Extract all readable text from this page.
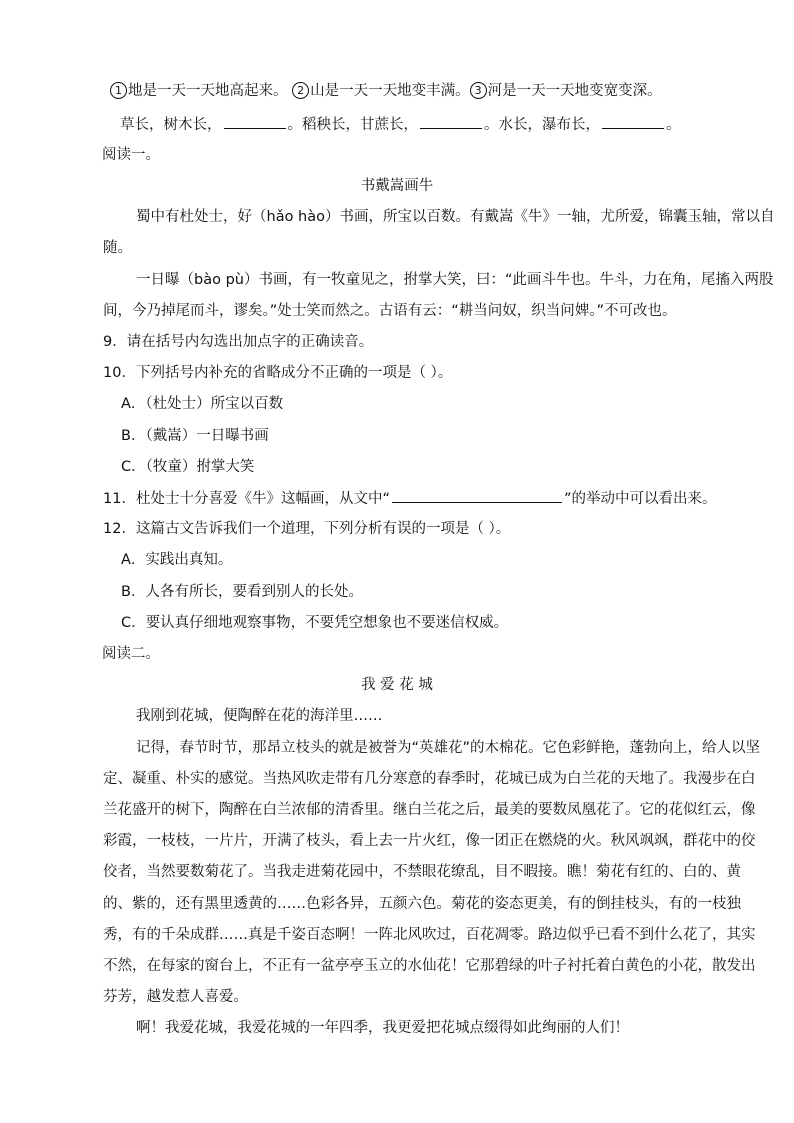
1 地是一天一天地高起来。 2 山是一天一天地变丰满。 3 河是一天一天地变宽变深。
草长，树木长，	。稻秧长，甘蔗长，	。水长，瀑布长，	。
阅读一。
书戴嵩画牛
蜀中有杜处士，好（hǎo hào）书画，所宝以百数。有戴嵩《牛》一轴，尤所爱，锦囊玉轴，常以自
随。
一日曝（bào pù）书画，有一牧童见之，拊掌大笑，曰：“此画斗牛也。牛斗，力在角，尾搐入两股
间，今乃掉尾而斗，谬矣。”处士笑而然之。古语有云：“耕当问奴，织当问婢。”不可改也。
9．请在括号内勾选出加点字的正确读音。
10．下列括号内补充的省略成分不正确的一项是（ ）。
A．（杜处士）所宝以百数
B．（戴嵩）一日曝书画
C．（牧童）拊掌大笑
11．杜处士十分喜爱《牛》这幅画，从文中“	”的举动中可以看出来。
12．这篇古文告诉我们一个道理，下列分析有误的一项是（ ）。
A．实践出真知。
B．人各有所长，要看到别人的长处。
C．要认真仔细地观察事物，不要凭空想象也不要迷信权威。
阅读二。
我 爱 花 城
我刚到花城，便陶醉在花的海洋里……
记得，春节时节，那昂立枝头的就是被誉为“英雄花”的木棉花。它色彩鲜艳，蓬勃向上，给人以坚
定、凝重、朴实的感觉。当热风吹走带有几分寒意的春季时，花城已成为白兰花的天地了。我漫步在白
兰花盛开的树下，陶醉在白兰浓郁的清香里。继白兰花之后，最美的要数凤凰花了。它的花似红云，像
彩霞，一枝枝，一片片，开满了枝头，看上去一片火红，像一团正在燃烧的火。秋风飒飒，群花中的佼
佼者，当然要数菊花了。当我走进菊花园中，不禁眼花缭乱，目不暇接。瞧！菊花有红的、白的、黄
的、紫的，还有黑里透黄的……色彩各异，五颜六色。菊花的姿态更美，有的倒挂枝头，有的一枝独
秀，有的千朵成群……真是千姿百态啊！一阵北风吹过，百花凋零。路边似乎已看不到什么花了，其实
不然，在每家的窗台上，不正有一盆亭亭玉立的水仙花！它那碧绿的叶子衬托着白黄色的小花，散发出
芬芳，越发惹人喜爱。
啊！我爱花城，我爱花城的一年四季，我更爱把花城点缀得如此绚丽的人们！
